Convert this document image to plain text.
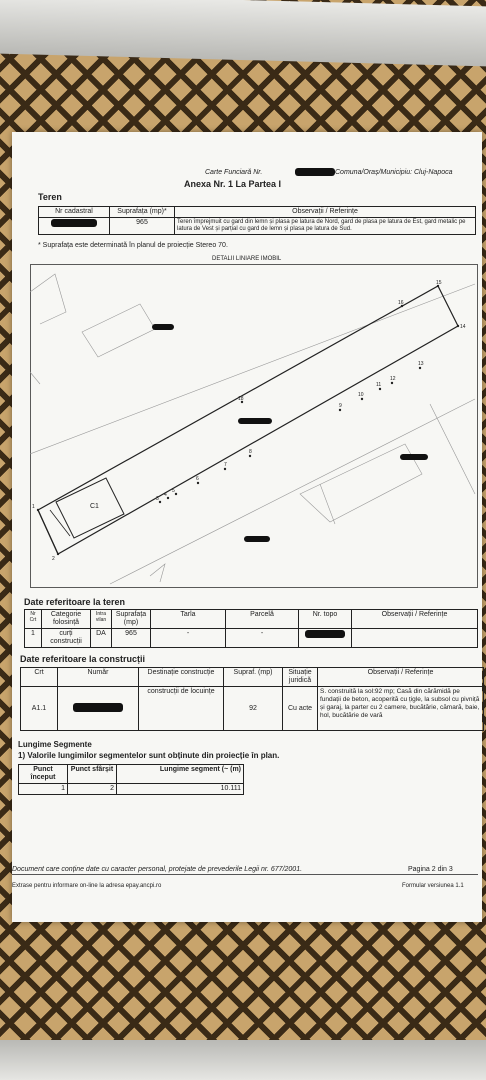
Carte Funciară Nr.	Comuna/Oraș/Municipiu: Cluj-Napoca
Anexa Nr. 1 La Partea I
Teren
Nr cadastral	Suprafața (mp)*	Observații / Referințe
	965	Teren împrejmuit cu gard din lemn și plasa pe latura de Nord, gard de plasa pe latura de Est, gard metalic pe latura de Vest și parțial cu gard de lemn și plasa pe latura de Sud.
* Suprafața este determinată în planul de proiecție Stereo 70.
DETALII LINIARE IMOBIL
1
2
3
4
5
6
7
8
9
10
11
12
13
14
15
16
18
C1
Date referitoare la teren
Nr Crt	Categorie folosință	Intra vilan	Suprafața (mp)	Tarla	Parcelă	Nr. topo	Observații / Referințe
1	curți construcții	DA	965	-	-		
Date referitoare la construcții
Crt	Număr	Destinație construcție	Supraf. (mp)	Situație juridică	Observații / Referințe
A1.1		construcții de locuințe	92	Cu acte	S. construită la sol:92 mp; Casă din cărămidă pe fundații de beton, acoperită cu țigle, la subsol cu pivniță și garaj, la parter cu 2 camere, bucătărie, cămară, baie, hol, bucătărie de vară
Lungime Segmente
1) Valorile lungimilor segmentelor sunt obținute din proiecție în plan.
Punct început	Punct sfârșit	Lungime segment (~ (m)
1	2	10.111
Document care conține date cu caracter personal, protejate de prevederile Legii nr. 677/2001.	Pagina 2 din 3
Extrase pentru informare on-line la adresa epay.ancpi.ro	Formular versiunea 1.1
